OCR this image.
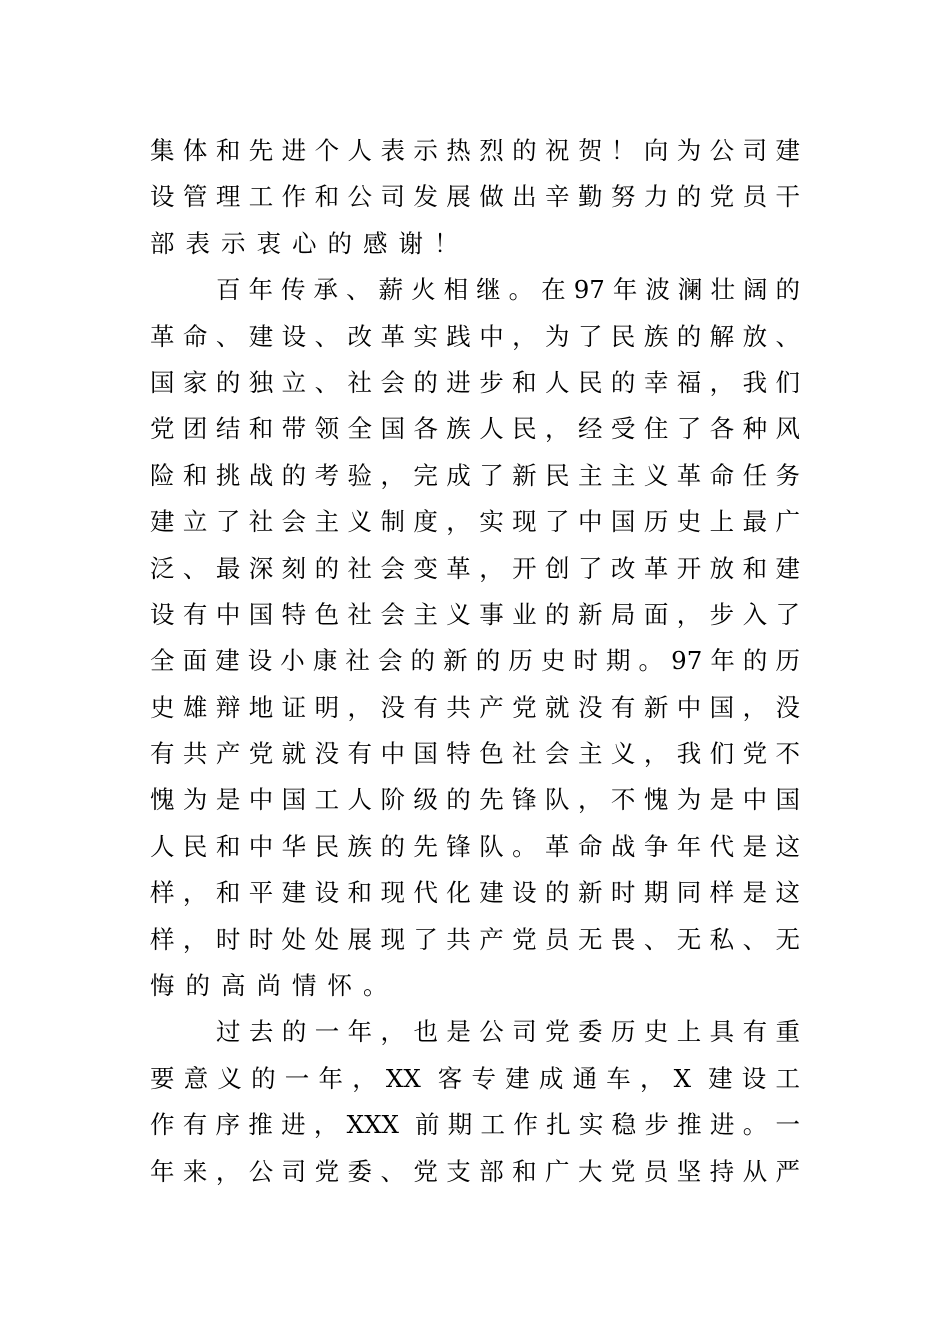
集体和先进个人表示热烈的祝贺！向为公司建
设管理工作和公司发展做出辛勤努力的党员干
部表示衷心的感谢！
百年传承、薪火相继。在97年波澜壮阔的
革命、建设、改革实践中，为了民族的解放、
国家的独立、社会的进步和人民的幸福，我们
党团结和带领全国各族人民，经受住了各种风
险和挑战的考验，完成了新民主主义革命任务
建立了社会主义制度，实现了中国历史上最广
泛、最深刻的社会变革，开创了改革开放和建
设有中国特色社会主义事业的新局面，步入了
全面建设小康社会的新的历史时期。97年的历
史雄辩地证明，没有共产党就没有新中国，没
有共产党就没有中国特色社会主义，我们党不
愧为是中国工人阶级的先锋队，不愧为是中国
人民和中华民族的先锋队。革命战争年代是这
样，和平建设和现代化建设的新时期同样是这
样，时时处处展现了共产党员无畏、无私、无
悔的高尚情怀。
过去的一年，也是公司党委历史上具有重
要意义的一年，XX 客专建成通车，X 建设工
作有序推进，XXX 前期工作扎实稳步推进。一
年来，公司党委、党支部和广大党员坚持从严
